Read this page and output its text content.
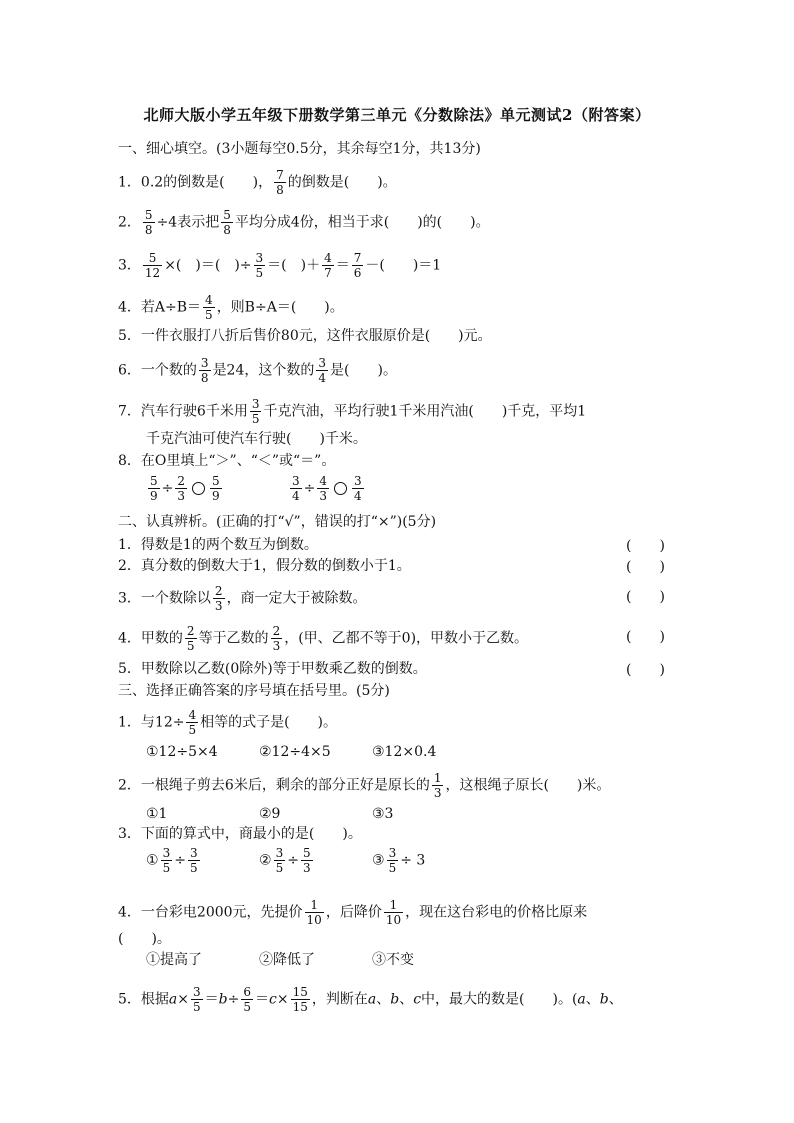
北师大版小学五年级下册数学第三单元《分数除法》单元测试2（附答案）
一、细心填空。(3小题每空0.5分，其余每空1分，共13分)
1．0.2的倒数是(　　)， $\frac{7}{8}$ 的倒数是(　　)。
2． $\frac{5}{8} \div 4$表示把 $\frac{5}{8}$ 平均分成4份，相当于求(　　)的(　　)。
3． $\frac{5}{12}$ ×(　)＝(　)÷ $\frac{3}{5}$ ＝(　)＋ $\frac{4}{7} = \frac{7}{6}$ －(　　)＝1
4．若$A\div B= \frac{4}{5}$ ，则B÷A＝(　　)。
5．一件衣服打八折后售价80元，这件衣服原价是(　　)元。
6．一个数的 $\frac{3}{8}$ 是24，这个数的 $\frac{3}{4}$ 是(　　)。
7．汽车行驶6千米用 $\frac{3}{5}$ 千克汽油，平均行驶1千米用汽油(　　)千克，平均1
千克汽油可使汽车行驶(　　)千米。
8．在O里填上“＞”、“＜”或“＝”。
$\frac{5}{9} \div \frac{2}{3} \frac{5}{9}$	$\frac{3}{4} \div \frac{4}{3} \frac{3}{4}$
二、认真辨析。(正确的打“√”，错误的打“×”)(5分)
1．得数是1的两个数互为倒数。	(　　)
2．真分数的倒数大于1，假分数的倒数小于1。	(　　)
3．一个数除以 $\frac{2}{3}$ ，商一定大于被除数。	(　　)
4．甲数的 $\frac{2}{5}$ 等于乙数的 $\frac{2}{3}$ ，(甲、乙都不等于0)，甲数小于乙数。	(　　)
5．甲数除以乙数(0除外)等于甲数乘乙数的倒数。	(　　)
三、选择正确答案的序号填在括号里。(5分)
1．与$12\div \frac{4}{5}$ 相等的式子是(　　)。
①12÷5×4	②12÷4×5	③12×0.4
2．一根绳子剪去6米后，剩余的部分正好是原长的 $\frac{1}{3}$ ，这根绳子原长(　　)米。
①1	②9	③3
3．下面的算式中，商最小的是(　　)。
① $\frac{3}{5} \div \frac{3}{5}$	② $\frac{3}{5} \div \frac{5}{3}$	③ $\frac{3}{5} \div 3$
4．一台彩电2000元，先提价 $\frac{1}{10}$ ，后降价 $\frac{1}{10}$ ，现在这台彩电的价格比原来
(　　)。
①提高了	②降低了	③不变
5．根据$a\times \frac{3}{5} =b\div \frac{6}{5} =c\times \frac{15}{15}$ ，判断在a、b、c中，最大的数是(　　)。(a、b、
